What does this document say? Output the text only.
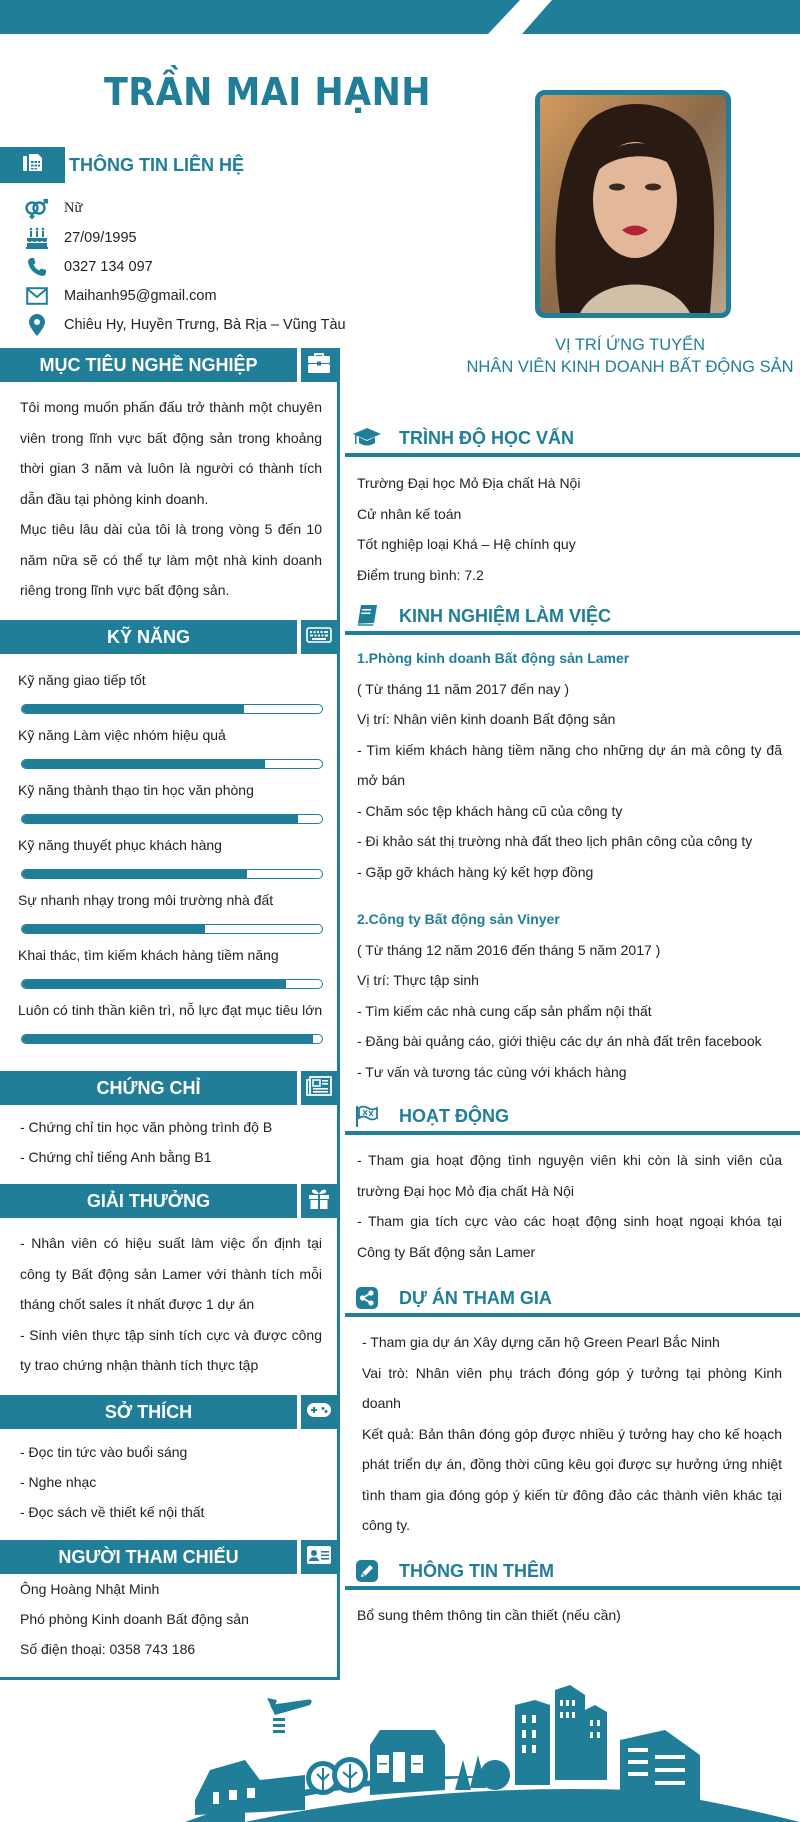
TRẦN MAI HẠNH
VỊ TRÍ ỨNG TUYỂN
NHÂN VIÊN KINH DOANH BẤT ĐỘNG SẢN
THÔNG TIN LIÊN HỆ
Nữ
27/09/1995
0327 134 097
Maihanh95@gmail.com
Chiêu Hy, Huyền Trưng, Bà Rịa – Vũng Tàu
MỤC TIÊU NGHỀ NGHIỆP
Tôi mong muốn phấn đấu trở thành một chuyên viên trong lĩnh vực bất động sản trong khoảng thời gian 3 năm và luôn là người có thành tích dẫn đầu tại phòng kinh doanh.
Mục tiêu lâu dài của tôi là trong vòng 5 đến 10 năm nữa sẽ có thể tự làm một nhà kinh doanh riêng trong lĩnh vực bất động sản.
KỸ NĂNG
Kỹ năng giao tiếp tốt
Kỹ năng Làm việc nhóm hiệu quả
Kỹ năng thành thạo tin học văn phòng
Kỹ năng thuyết phục khách hàng
Sự nhanh nhạy trong môi trường nhà đất
Khai thác, tìm kiếm khách hàng tiềm năng
Luôn có tinh thần kiên trì, nỗ lực đạt mục tiêu lớn
CHỨNG CHỈ
- Chứng chỉ tin học văn phòng trình độ B
- Chứng chỉ tiếng Anh bằng B1
GIẢI THƯỞNG
- Nhân viên có hiệu suất làm việc ổn định tại công ty Bất động sản Lamer với thành tích mỗi tháng chốt sales ít nhất được 1 dự án
- Sinh viên thực tập sinh tích cực và được công ty trao chứng nhận thành tích thực tập
SỞ THÍCH
- Đọc tin tức vào buổi sáng
- Nghe nhạc
- Đọc sách về thiết kế nội thất
NGƯỜI THAM CHIẾU
Ông Hoàng Nhật Minh
Phó phòng Kinh doanh Bất động sản
Số điện thoại: 0358 743 186
TRÌNH ĐỘ HỌC VẤN
Trường Đại học Mỏ Địa chất Hà Nội
Cử nhân kế toán
Tốt nghiệp loại Khá – Hệ chính quy
Điểm trung bình: 7.2
KINH NGHIỆM LÀM VIỆC
1.Phòng kinh doanh Bất động sản Lamer
( Từ tháng 11 năm 2017 đến nay )
Vị trí: Nhân viên kinh doanh Bất động sản
- Tìm kiếm khách hàng tiềm năng cho những dự án mà công ty đã mở bán
- Chăm sóc tệp khách hàng cũ của công ty
- Đi khảo sát thị trường nhà đất theo lịch phân công của công ty
- Gặp gỡ khách hàng ký kết hợp đồng
2.Công ty Bất động sản Vinyer
( Từ tháng 12 năm 2016 đến tháng 5 năm 2017 )
Vị trí: Thực tập sinh
- Tìm kiếm các nhà cung cấp sản phẩm nội thất
- Đăng bài quảng cáo, giới thiệu các dự án nhà đất trên facebook
- Tư vấn và tương tác cùng với khách hàng
HOẠT ĐỘNG
- Tham gia hoạt động tình nguyện viên khi còn là sinh viên của trường Đại học Mỏ địa chất Hà Nội
- Tham gia tích cực vào các hoạt động sinh hoạt ngoại khóa tại Công ty Bất động sản Lamer
DỰ ÁN THAM GIA
- Tham gia dự án Xây dựng căn hộ Green Pearl Bắc Ninh
Vai trò: Nhân viên phụ trách đóng góp ý tưởng tại phòng Kinh doanh
Kết quả: Bản thân đóng góp được nhiều ý tưởng hay cho kế hoạch phát triển dự án, đồng thời cũng kêu gọi được sự hưởng ứng nhiệt tình tham gia đóng góp ý kiến từ đông đảo các thành viên khác tại công ty.
THÔNG TIN THÊM
Bổ sung thêm thông tin cần thiết (nếu cần)
